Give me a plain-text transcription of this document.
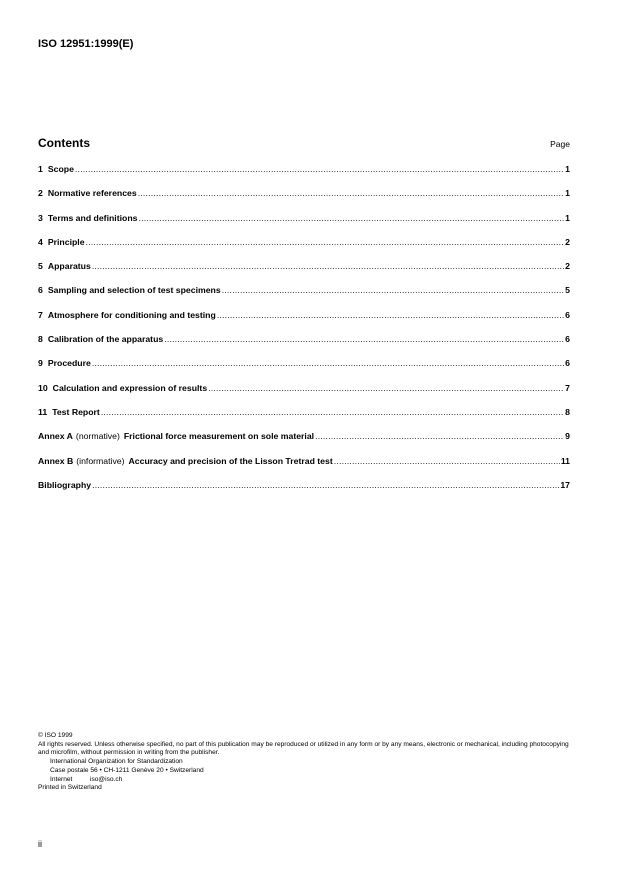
ISO 12951:1999(E)
Contents	Page
1 Scope .....	1
2 Normative references .....	1
3 Terms and definitions .....	1
4 Principle .....	2
5 Apparatus .....	2
6 Sampling and selection of test specimens .....	5
7 Atmosphere for conditioning and testing .....	6
8 Calibration of the apparatus .....	6
9 Procedure .....	6
10 Calculation and expression of results .....	7
11 Test Report .....	8
Annex A (normative) Frictional force measurement on sole material .....	9
Annex B (informative) Accuracy and precision of the Lisson Tretrad test .....	11
Bibliography .....	17
© ISO 1999
All rights reserved. Unless otherwise specified, no part of this publication may be reproduced or utilized in any form or by any means, electronic or mechanical, including photocopying and microfilm, without permission in writing from the publisher.
International Organization for Standardization
Case postale 56 • CH-1211 Genève 20 • Switzerland
Internet	iso@iso.ch
Printed in Switzerland
ii
